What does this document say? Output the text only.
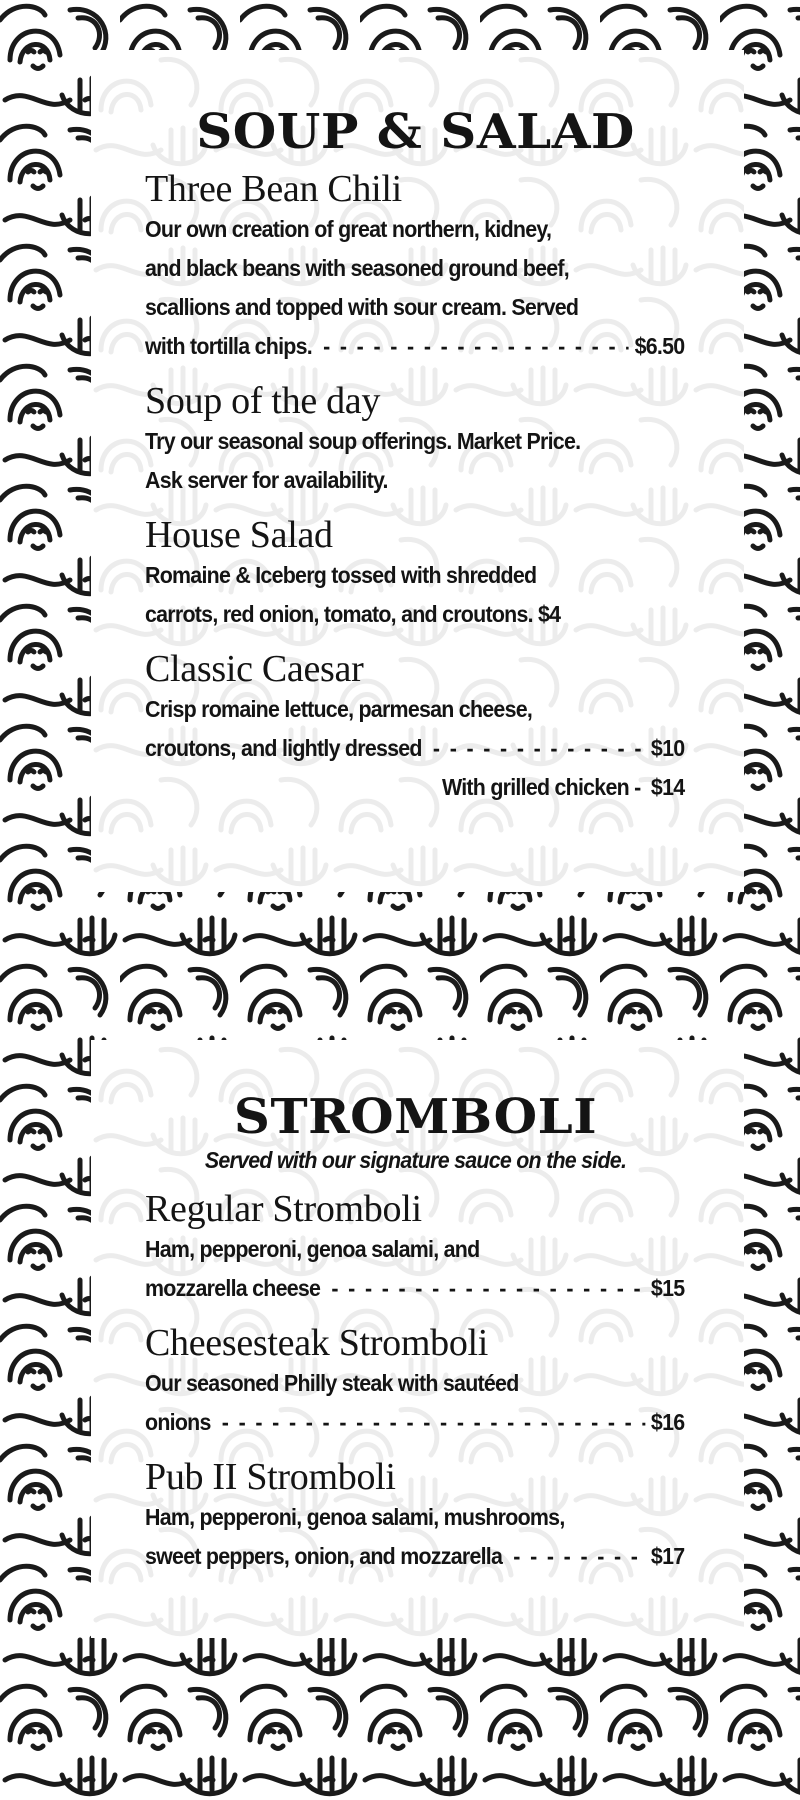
SOUP & SALAD
Three Bean Chili
Our own creation of great northern, kidney,
and black beans with seasoned ground beef,
scallions and topped with sour cream. Served
with tortilla chips. - - -	$6.50
Soup of the day
Try our seasonal soup offerings. Market Price.
Ask server for availability.
House Salad
Romaine & Iceberg tossed with shredded
carrots, red onion, tomato, and croutons. $4
Classic Caesar
Crisp romaine lettuce, parmesan cheese,
croutons, and lightly dressed - - -	$10
With grilled chicken - $14
STROMBOLI
Served with our signature sauce on the side.
Regular Stromboli
Ham, pepperoni, genoa salami, and
mozzarella cheese - - -	$15
Cheesesteak Stromboli
Our seasoned Philly steak with sautéed
onions - - -	$16
Pub II Stromboli
Ham, pepperoni, genoa salami, mushrooms,
sweet peppers, onion, and mozzarella - - -	$17
